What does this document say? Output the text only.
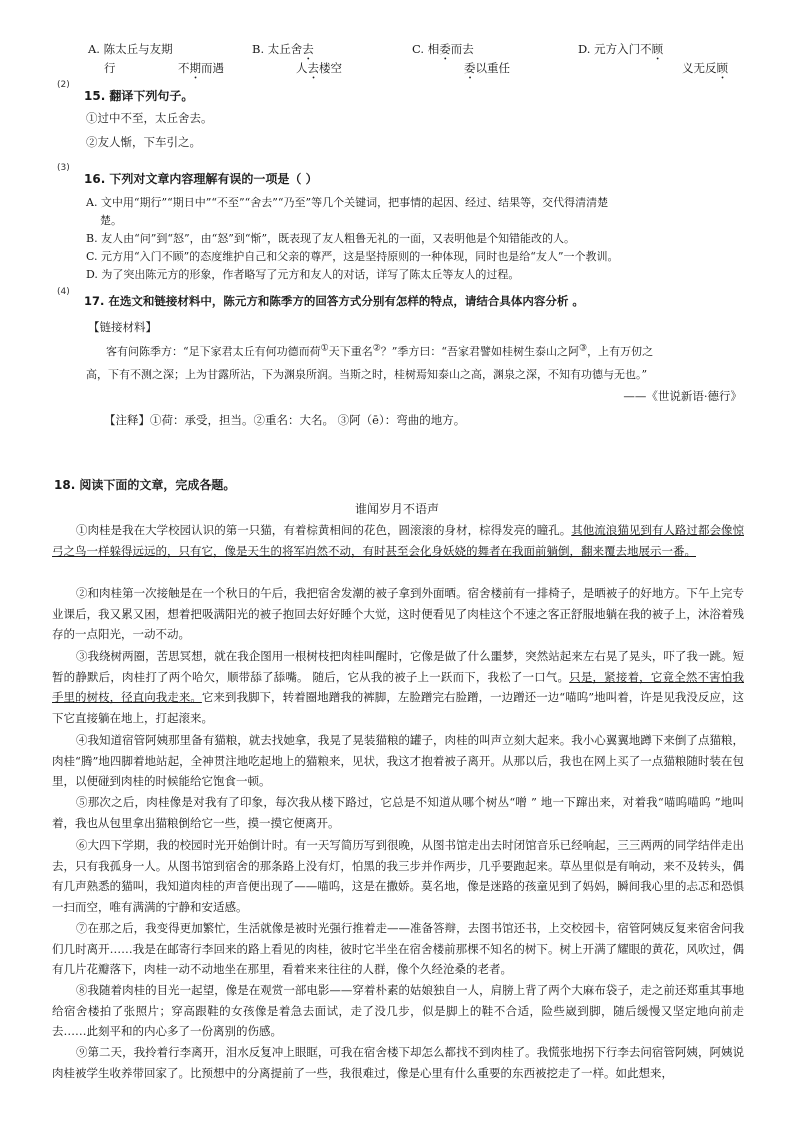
A. 陈太丘与友期	B. 太丘舍去	C. 相委而去	D. 元方入门不顾
行	不期而遇	人去楼空	委以重任	义无反顾
(2)
15. 翻译下列句子。
①过中不至，太丘舍去。
②友人惭，下车引之。
(3)
16. 下列对文章内容理解有误的一项是（ ）
A. 文中用“期行”“期日中”“不至”“舍去”“乃至”等几个关键词，把事情的起因、经过、结果等，交代得清清楚
楚。
B. 友人由“问”到“怒”，由“怒”到“惭”，既表现了友人粗鲁无礼的一面，又表明他是个知错能改的人。
C. 元方用“入门不顾”的态度维护自己和父亲的尊严，这是坚持原则的一种体现，同时也是给“友人”一个教训。
D. 为了突出陈元方的形象，作者略写了元方和友人的对话，详写了陈太丘等友人的过程。
(4)
17. 在选文和链接材料中，陈元方和陈季方的回答方式分别有怎样的特点，请结合具体内容分析 。
【链接材料】
客有问陈季方：“足下家君太丘有何功德而荷①天下重名②？”季方曰：“吾家君譬如桂树生泰山之阿③，上有万仞之
高，下有不测之深；上为甘露所沾，下为渊泉所润。当斯之时，桂树焉知泰山之高，渊泉之深，不知有功德与无也。”
——《世说新语·德行》
【注释】①荷：承受，担当。②重名：大名。 ③阿（ē）：弯曲的地方。
18. 阅读下面的文章，完成各题。
谁闻岁月不语声
①肉桂是我在大学校园认识的第一只猫，有着棕黄相间的花色，圆滚滚的身材，棕得发亮的瞳孔。其他流浪猫见到有人路过都会像惊弓之鸟一样躲得远远的，只有它，像是天生的将军岿然不动，有时甚至会化身妖娆的舞者在我面前躺倒，翻来覆去地展示一番。
②和肉桂第一次接触是在一个秋日的午后，我把宿舍发潮的被子拿到外面晒。宿舍楼前有一排椅子，是晒被子的好地方。下午上完专业课后，我又累又困，想着把吸满阳光的被子抱回去好好睡个大觉，这时便看见了肉桂这个不速之客正舒服地躺在我的被子上，沐浴着残存的一点阳光，一动不动。
③我绕树两圈，苦思冥想，就在我企图用一根树枝把肉桂叫醒时，它像是做了什么噩梦，突然站起来左右晃了晃头，吓了我一跳。短暂的静默后，肉桂打了两个哈欠，顺带舔了舔嘴。 随后，它从我的被子上一跃而下，我松了一口气。只是，紧接着，它竟全然不害怕我手里的树枝，径直向我走来。它来到我脚下，转着圈地蹭我的裤脚，左脸蹭完右脸蹭，一边蹭还一边“喵呜”地叫着，许是见我没反应，这下它直接躺在地上，打起滚来。
④我知道宿管阿姨那里备有猫粮，就去找她拿，我晃了晃装猫粮的罐子，肉桂的叫声立刻大起来。我小心翼翼地蹲下来倒了点猫粮，肉桂“腾”地四脚着地站起，全神贯注地吃起地上的猫粮来，见状，我这才抱着被子离开。从那以后，我也在网上买了一点猫粮随时装在包里，以便碰到肉桂的时候能给它饱食一顿。
⑤那次之后，肉桂像是对我有了印象，每次我从楼下路过，它总是不知道从哪个树丛“噌 ” 地一下蹿出来，对着我“喵呜喵呜 ”地叫着，我也从包里拿出猫粮倒给它一些，摸一摸它便离开。
⑥大四下学期，我的校园时光开始倒计时。有一天写简历写到很晚，从图书馆走出去时闭馆音乐已经响起，三三两两的同学结伴走出去，只有我孤身一人。从图书馆到宿舍的那条路上没有灯，怕黑的我三步并作两步，几乎要跑起来。草丛里似是有响动，来不及转头，偶有几声熟悉的猫叫，我知道肉桂的声音便出现了——喵呜，这是在撒娇。莫名地，像是迷路的孩童见到了妈妈，瞬间我心里的忐忑和恐惧一扫而空，唯有满满的宁静和安适感。
⑦在那之后，我变得更加繁忙，生活就像是被时光强行推着走——准备答辩，去图书馆还书，上交校园卡，宿管阿姨反复来宿舍问我们几时离开……我是在邮寄行李回来的路上看见的肉桂，彼时它半坐在宿舍楼前那棵不知名的树下。树上开满了耀眼的黄花，风吹过，偶有几片花瓣落下，肉桂一动不动地坐在那里，看着来来往往的人群，像个久经沧桑的老者。
⑧我随着肉桂的目光一起望，像是在观赏一部电影——穿着朴素的姑娘独自一人，肩膀上背了两个大麻布袋子，走之前还郑重其事地给宿舍楼拍了张照片；穿高跟鞋的女孩像是着急去面试，走了没几步，似是脚上的鞋不合适，险些崴到脚，随后缓慢又坚定地向前走去……此刻平和的内心多了一份离别的伤感。
⑨第二天，我拎着行李离开，泪水反复冲上眼眶，可我在宿舍楼下却怎么都找不到肉桂了。我慌张地拐下行李去问宿管阿姨，阿姨说肉桂被学生收养带回家了。比预想中的分离提前了一些，我很难过，像是心里有什么重要的东西被挖走了一样。如此想来，
